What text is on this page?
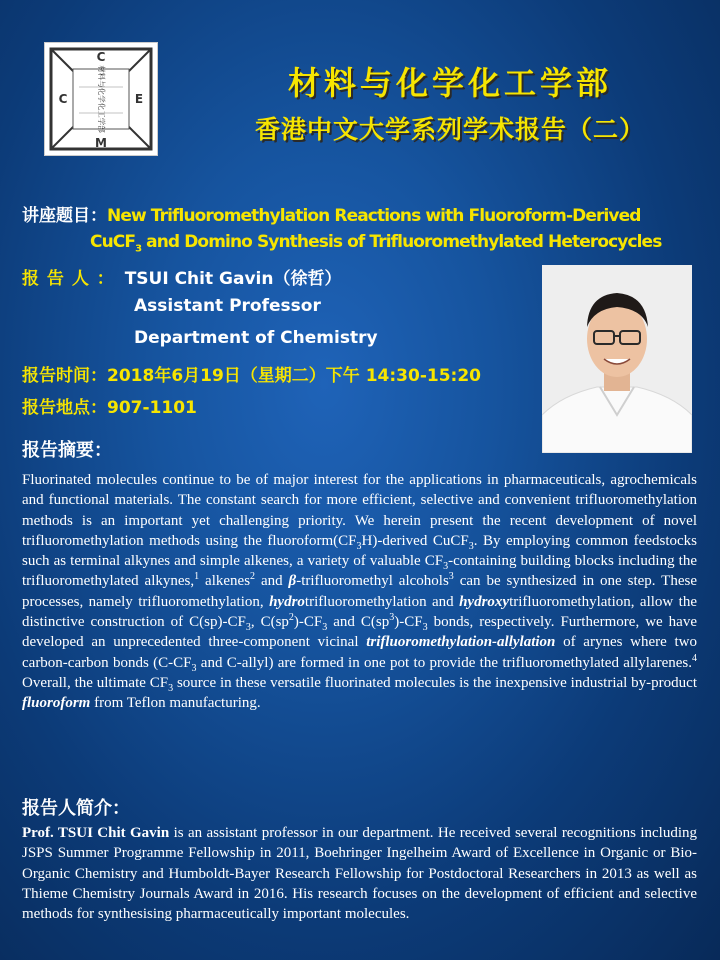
C
C	E
M
材料与化学化工学部	材料与化学化工学部
香港中文大学系列学术报告（二）
讲座题目：New Trifluoromethylation Reactions with Fluoroform-Derived
CuCF$_3$ and Domino Synthesis of Trifluoromethylated Heterocycles
报 告 人 ： TSUI Chit Gavin（徐哲）
Assistant Professor
Department of Chemistry
报告时间：2018年6月19日（星期二）下午 14:30-15:20
报告地点：907-1101
报告摘要：
Fluorinated molecules continue to be of major interest for the applications in pharmaceuticals, agrochemicals and functional materials. The constant search for more efficient, selective and convenient trifluoromethylation methods is an important yet challenging priority. We herein present the recent development of novel trifluoromethylation methods using the $fluoroform(CF_3H)$-derived CuCF$_3$. By employing common feedstocks such as terminal alkynes and simple alkenes, a variety of valuable $CF_3$-containing building blocks including the trifluoromethylated alkynes,$^1$ alkenes$^2$ and β-trifluoromethyl alcohols$^3$ can be synthesized in one step. These processes, namely trifluoromethylation, hydrotrifluoromethylation and hydroxytrifluoromethylation, allow the distinctive construction of $C(sp)-CF_3$, $C(sp^2)-CF_3$ and $C(sp^3)-CF_3$ bonds, respectively. Furthermore, we have developed an unprecedented three-component vicinal trifluoromethylation-allylation of arynes where two carbon-carbon bonds ($C-CF_3$ and C-allyl) are formed in one pot to provide the trifluoromethylated allylarenes.$^4$ Overall, the ultimate $CF_3$ source in these versatile fluorinated molecules is the inexpensive industrial by-product fluoroform from Teflon manufacturing.
报告人简介：
Prof. TSUI Chit Gavin is an assistant professor in our department. He received several recognitions including JSPS Summer Programme Fellowship in 2011, Boehringer Ingelheim Award of Excellence in Organic or Bio-Organic Chemistry and Humboldt-Bayer Research Fellowship for Postdoctoral Researchers in 2013 as well as Thieme Chemistry Journals Award in 2016. His research focuses on the development of efficient and selective methods for synthesising pharmaceutically important molecules.
